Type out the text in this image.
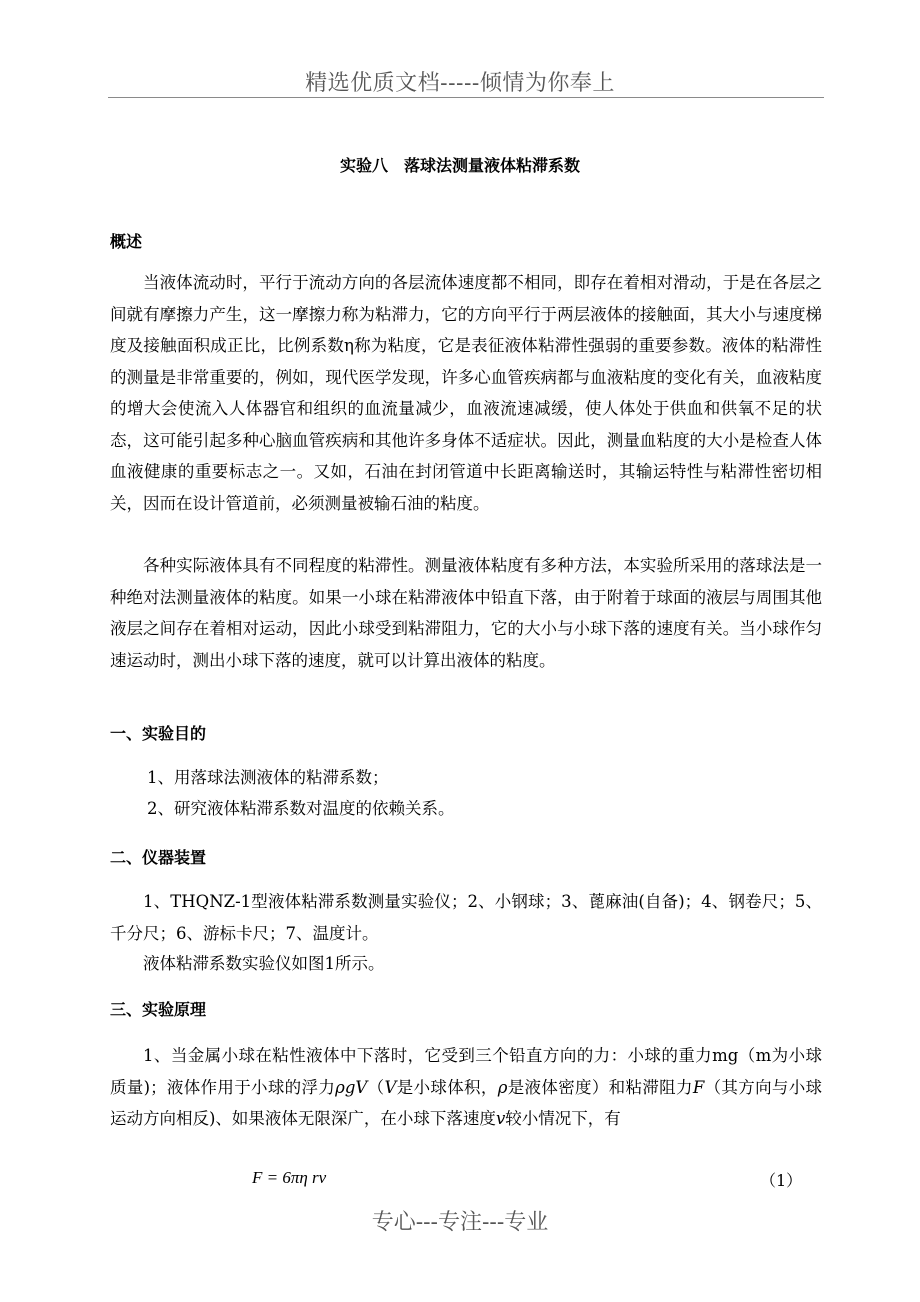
精选优质文档-----倾情为你奉上
实验八　落球法测量液体粘滞系数
概述

当液体流动时，平行于流动方向的各层流体速度都不相同，即存在着相对滑动，于是在各层之间就有摩擦力产生，这一摩擦力称为粘滞力，它的方向平行于两层液体的接触面，其大小与速度梯度及接触面积成正比，比例系数η称为粘度，它是表征液体粘滞性强弱的重要参数。液体的粘滞性的测量是非常重要的，例如，现代医学发现，许多心血管疾病都与血液粘度的变化有关，血液粘度的增大会使流入人体器官和组织的血流量减少，血液流速减缓，使人体处于供血和供氧不足的状态，这可能引起多种心脑血管疾病和其他许多身体不适症状。因此，测量血粘度的大小是检查人体血液健康的重要标志之一。又如，石油在封闭管道中长距离输送时，其输运特性与粘滞性密切相关，因而在设计管道前，必须测量被输石油的粘度。

各种实际液体具有不同程度的粘滞性。测量液体粘度有多种方法，本实验所采用的落球法是一种绝对法测量液体的粘度。如果一小球在粘滞液体中铅直下落，由于附着于球面的液层与周围其他液层之间存在着相对运动，因此小球受到粘滞阻力，它的大小与小球下落的速度有关。当小球作匀速运动时，测出小球下落的速度，就可以计算出液体的粘度。

一、实验目的
1、用落球法测液体的粘滞系数；
2、研究液体粘滞系数对温度的依赖关系。
二、仪器装置

1、THQNZ-1型液体粘滞系数测量实验仪；2、小钢球；3、蓖麻油(自备)；4、钢卷尺；5、千分尺；6、游标卡尺；7、温度计。

液体粘滞系数实验仪如图1所示。

三、实验原理

1、当金属小球在粘性液体中下落时，它受到三个铅直方向的力：小球的重力mg（m为小球质量)；液体作用于小球的浮力ρgV（V是小球体积，ρ是液体密度）和粘滞阻力F（其方向与小球运动方向相反)、如果液体无限深广，在小球下落速度v较小情况下，有

F = 6πη rv	（1）
专心---专注---专业
